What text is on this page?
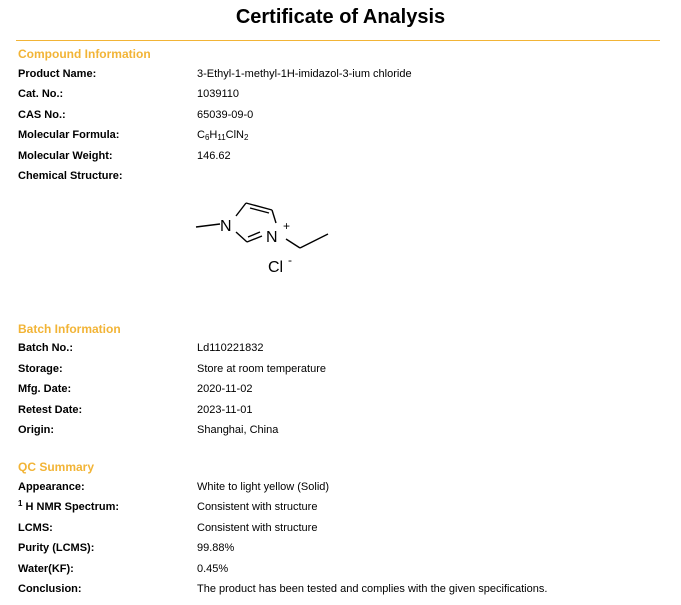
Certificate of Analysis
Compound Information
Product Name:	3-Ethyl-1-methyl-1H-imidazol-3-ium chloride
Cat. No.:	1039110
CAS No.:	65039-09-0
Molecular Formula:	$C_6H_{11}ClN_2$
Molecular Weight:	146.62
Chemical Structure:
N
N
+
Cl -
Batch Information
Batch No.:	Ld110221832
Storage:	Store at room temperature
Mfg. Date:	2020-11-02
Retest Date:	2023-11-01
Origin:	Shanghai, China
QC Summary
Appearance:	White to light yellow (Solid)
$^1$ H NMR Spectrum:	Consistent with structure
LCMS:	Consistent with structure
Purity (LCMS):	99.88%
Water(KF):	0.45%
Conclusion:	The product has been tested and complies with the given specifications.
